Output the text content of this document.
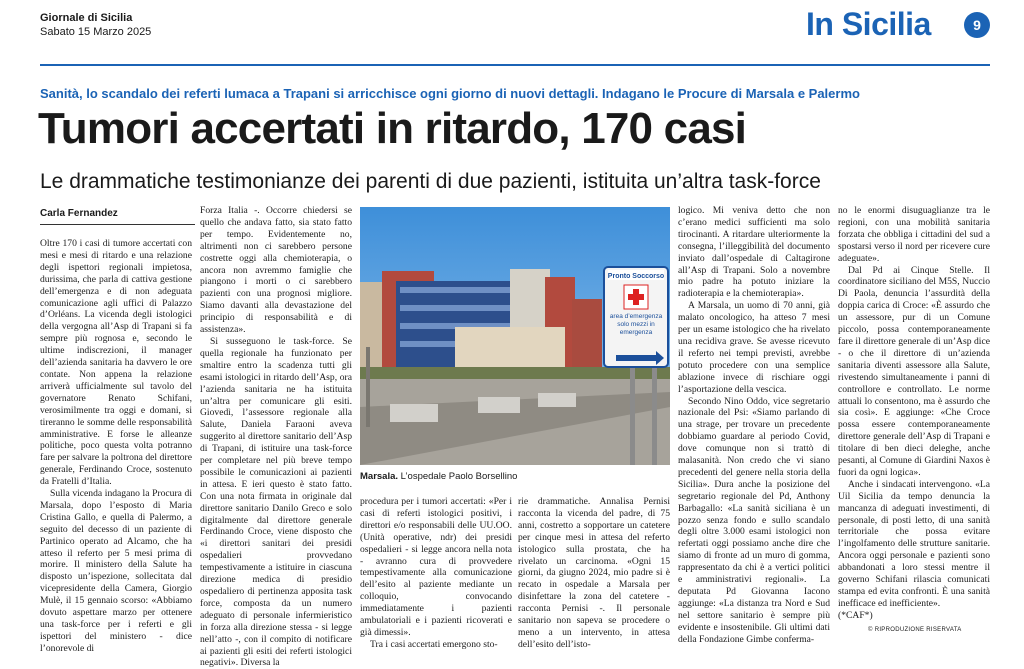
Giornale di Sicilia
Sabato 15 Marzo 2025	In Sicilia	9
Sanità, lo scandalo dei referti lumaca a Trapani si arricchisce ogni giorno di nuovi dettagli. Indagano le Procure di Marsala e Palermo
Tumori accertati in ritardo, 170 casi
Le drammatiche testimonianze dei parenti di due pazienti, istituita un’altra task-force
Carla Fernandez

Oltre 170 i casi di tumore accertati con mesi e mesi di ritardo e una relazione degli ispettori regionali impietosa, durissima, che parla di cattiva gestione dell’emergenza e di non adeguata comunicazione agli uffici di Palazzo d’Orléans. La vicenda degli istologici della vergogna all’Asp di Trapani si fa sempre più rognosa e, secondo le ultime indiscrezioni, il manager dell’azienda sanitaria ha davvero le ore contate. Non appena la relazione arriverà ufficialmente sul tavolo del governatore Renato Schifani, verosimilmente tra oggi e domani, si tireranno le somme delle responsabilità amministrative. E forse le alleanze politiche, poco questa volta potranno fare per salvare la poltrona del direttore generale, Ferdinando Croce, sostenuto da Fratelli d’Italia.

Sulla vicenda indagano la Procura di Marsala, dopo l’esposto di Maria Cristina Gallo, e quella di Palermo, a seguito del decesso di un paziente di Partinico operato ad Alcamo, che ha atteso il referto per 5 mesi prima di morire. Il ministero della Salute ha disposto un’ispezione, sollecitata dal vicepresidente della Camera, Giorgio Mulè, il 15 gennaio scorso: «Abbiamo dovuto aspettare marzo per ottenere una task-force per i referti e gli ispettori del ministero - dice l’onorevole di

Forza Italia -. Occorre chiedersi se quello che andava fatto, sia stato fatto per tempo. Evidentemente no, altrimenti non ci sarebbero persone costrette oggi alla chemioterapia, o ancora non avremmo famiglie che piangono i morti o ci sarebbero pazienti con una prognosi migliore. Siamo davanti alla devastazione del principio di responsabilità e di assistenza».

Si susseguono le task-force. Se quella regionale ha funzionato per smaltire entro la scadenza tutti gli esami istologici in ritardo dell’Asp, ora l’azienda sanitaria ne ha istituita un’altra per comunicare gli esiti. Giovedì, l’assessore regionale alla Salute, Daniela Faraoni aveva suggerito al direttore sanitario dell’Asp di Trapani, di istituire una task-force per completare nel più breve tempo possibile le comunicazioni ai pazienti in attesa. E ieri questo è stato fatto. Con una nota firmata in originale dal direttore sanitario Danilo Greco e solo digitalmente dal direttore generale Ferdinando Croce, viene disposto che «i direttori sanitari dei presidi ospedalieri provvedano tempestivamente a istituire in ciascuna direzione medica di presidio ospedaliero di pertinenza apposita task force, composta da un numero adeguato di personale infermieristico in forza alla direzione stessa - si legge nell’atto -, con il compito di notificare ai pazienti gli esiti dei referti istologici negativi». Diversa la

Pronto Soccorso
area d’emergenza solo mezzi in emergenza
Marsala. L’ospedale Paolo Borsellino

procedura per i tumori accertati: «Per i casi di referti istologici positivi, i direttori e/o responsabili delle UU.OO. (Unità operative, ndr) dei presidi ospedalieri - si legge ancora nella nota - avranno cura di provvedere tempestivamente alla comunicazione dell’esito al paziente mediante un colloquio, convocando immediatamente i pazienti ambulatoriali e i pazienti ricoverati e già dimessi».

Tra i casi accertati emergono sto-

rie drammatiche. Annalisa Pernisi racconta la vicenda del padre, di 75 anni, costretto a sopportare un catetere per cinque mesi in attesa del referto istologico sulla prostata, che ha rivelato un carcinoma. «Ogni 15 giorni, da giugno 2024, mio padre si è recato in ospedale a Marsala per disinfettare la zona del catetere - racconta Pernisi -. Il personale sanitario non sapeva se procedere o meno a un intervento, in attesa dell’esito dell’isto-

logico. Mi veniva detto che non c’erano medici sufficienti ma solo tirocinanti. A ritardare ulteriormente la consegna, l’illeggibilità del documento inviato dall’ospedale di Caltagirone all’Asp di Trapani. Solo a novembre mio padre ha potuto iniziare la radioterapia e la chemioterapia».

A Marsala, un uomo di 70 anni, già malato oncologico, ha atteso 7 mesi per un esame istologico che ha rivelato una recidiva grave. Se avesse ricevuto il referto nei tempi previsti, avrebbe potuto procedere con una semplice ablazione invece di rischiare oggi l’asportazione della vescica.

Secondo Nino Oddo, vice segretario nazionale del Psi: «Siamo parlando di una strage, per trovare un precedente dobbiamo guardare al periodo Covid, dove comunque non si trattò di malasanità. Non credo che vi siano precedenti del genere nella storia della Sicilia». Dura anche la posizione del segretario regionale del Pd, Anthony Barbagallo: «La sanità siciliana è un pozzo senza fondo e sullo scandalo degli oltre 3.000 esami istologici non refertati oggi possiamo anche dire che siamo di fronte ad un muro di gomma, rappresentato da chi è a vertici politici e amministrativi regionali». La deputata Pd Giovanna Iacono aggiunge: «La distanza tra Nord e Sud nel settore sanitario è sempre più evidente e insostenibile. Gli ultimi dati della Fondazione Gimbe conferma-

no le enormi disuguaglianze tra le regioni, con una mobilità sanitaria forzata che obbliga i cittadini del sud a spostarsi verso il nord per ricevere cure adeguate».

Dal Pd ai Cinque Stelle. Il coordinatore siciliano del M5S, Nuccio Di Paola, denuncia l’assurdità della doppia carica di Croce: «È assurdo che un assessore, pur di un Comune piccolo, possa contemporaneamente fare il direttore generale di un’Asp dice - o che il direttore di un’azienda sanitaria diventi assessore alla Salute, rivestendo simultaneamente i panni di controllore e controllato. Le norme attuali lo consentono, ma è assurdo che sia così». E aggiunge: «Che Croce possa essere contemporaneamente direttore generale dell’Asp di Trapani e titolare di ben dieci deleghe, anche pesanti, al Comune di Giardini Naxos è fuori da ogni logica».

Anche i sindacati intervengono. «La Uil Sicilia da tempo denuncia la mancanza di adeguati investimenti, di personale, di posti letto, di una sanità territoriale che possa evitare l’ingolfamento delle strutture sanitarie. Ancora oggi personale e pazienti sono abbandonati a loro stessi mentre il governo Schifani rilascia comunicati stampa ed evita confronti. È una sanità inefficace ed inefficiente».

(*CAF*)

© RIPRODUZIONE RISERVATA
